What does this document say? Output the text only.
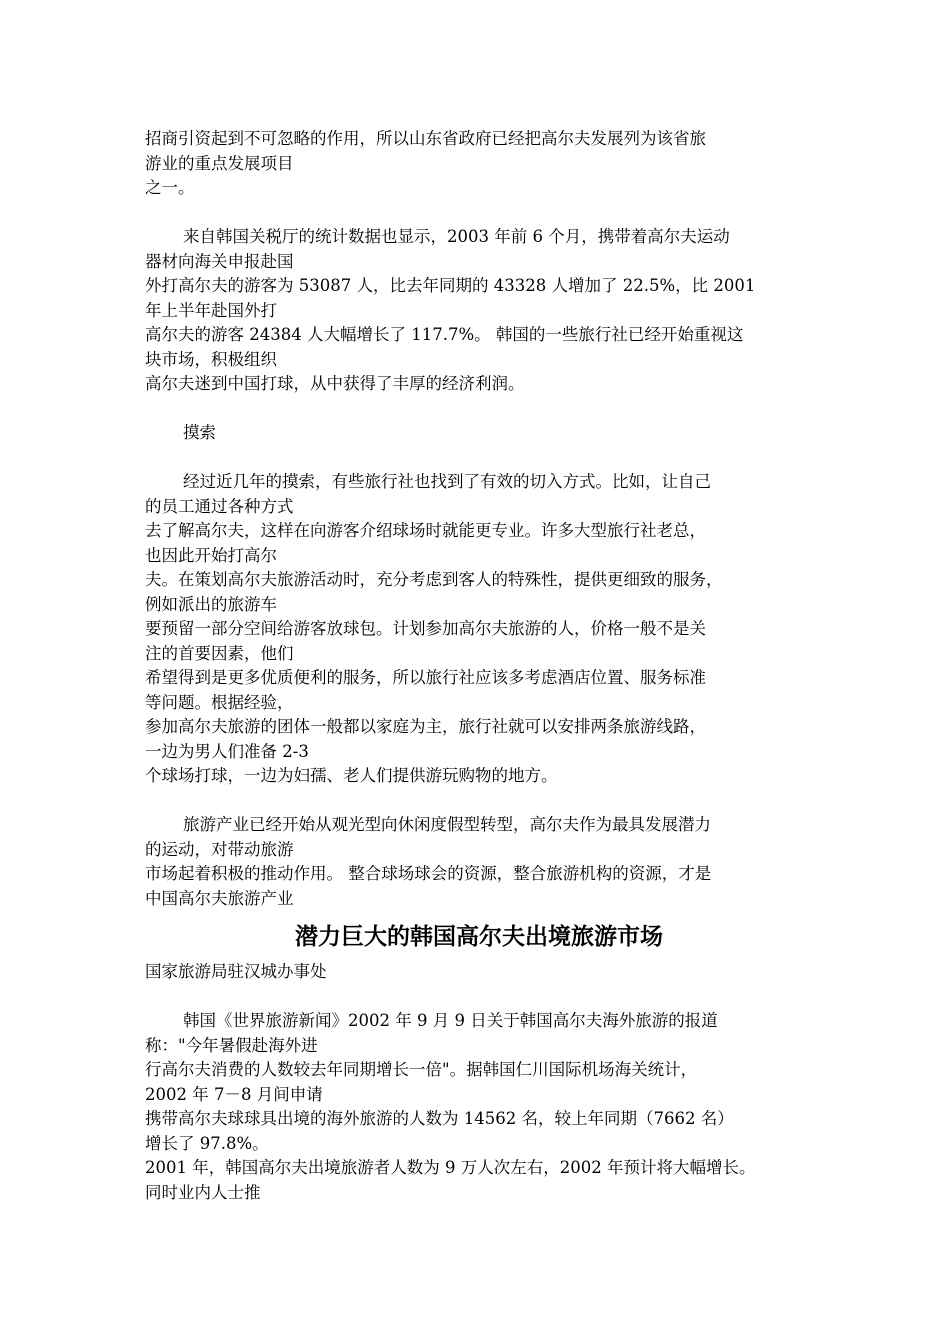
招商引资起到不可忽略的作用，所以山东省政府已经把高尔夫发展列为该省旅
游业的重点发展项目
之一。
来自韩国关税厅的统计数据也显示，2003 年前 6 个月，携带着高尔夫运动
器材向海关申报赴国
外打高尔夫的游客为 53087 人，比去年同期的 43328 人增加了 22.5%，比 2001
年上半年赴国外打
高尔夫的游客 24384 人大幅增长了 117.7%。 韩国的一些旅行社已经开始重视这
块市场，积极组织
高尔夫迷到中国打球，从中获得了丰厚的经济利润。
摸索
经过近几年的摸索，有些旅行社也找到了有效的切入方式。比如，让自己
的员工通过各种方式
去了解高尔夫，这样在向游客介绍球场时就能更专业。许多大型旅行社老总，
也因此开始打高尔
夫。在策划高尔夫旅游活动时，充分考虑到客人的特殊性，提供更细致的服务，
例如派出的旅游车
要预留一部分空间给游客放球包。计划参加高尔夫旅游的人，价格一般不是关
注的首要因素，他们
希望得到是更多优质便利的服务，所以旅行社应该多考虑酒店位置、服务标准
等问题。根据经验，
参加高尔夫旅游的团体一般都以家庭为主，旅行社就可以安排两条旅游线路，
一边为男人们准备 2-3
个球场打球，一边为妇孺、老人们提供游玩购物的地方。
旅游产业已经开始从观光型向休闲度假型转型，高尔夫作为最具发展潜力
的运动，对带动旅游
市场起着积极的推动作用。 整合球场球会的资源，整合旅游机构的资源，才是
中国高尔夫旅游产业
潜力巨大的韩国高尔夫出境旅游市场
国家旅游局驻汉城办事处
韩国《世界旅游新闻》2002 年 9 月 9 日关于韩国高尔夫海外旅游的报道
称："今年暑假赴海外进
行高尔夫消费的人数较去年同期增长一倍"。据韩国仁川国际机场海关统计，
2002 年 7－8 月间申请
携带高尔夫球球具出境的海外旅游的人数为 14562 名，较上年同期（7662 名）
增长了 97.8%。
2001 年，韩国高尔夫出境旅游者人数为 9 万人次左右，2002 年预计将大幅增长。
同时业内人士推
